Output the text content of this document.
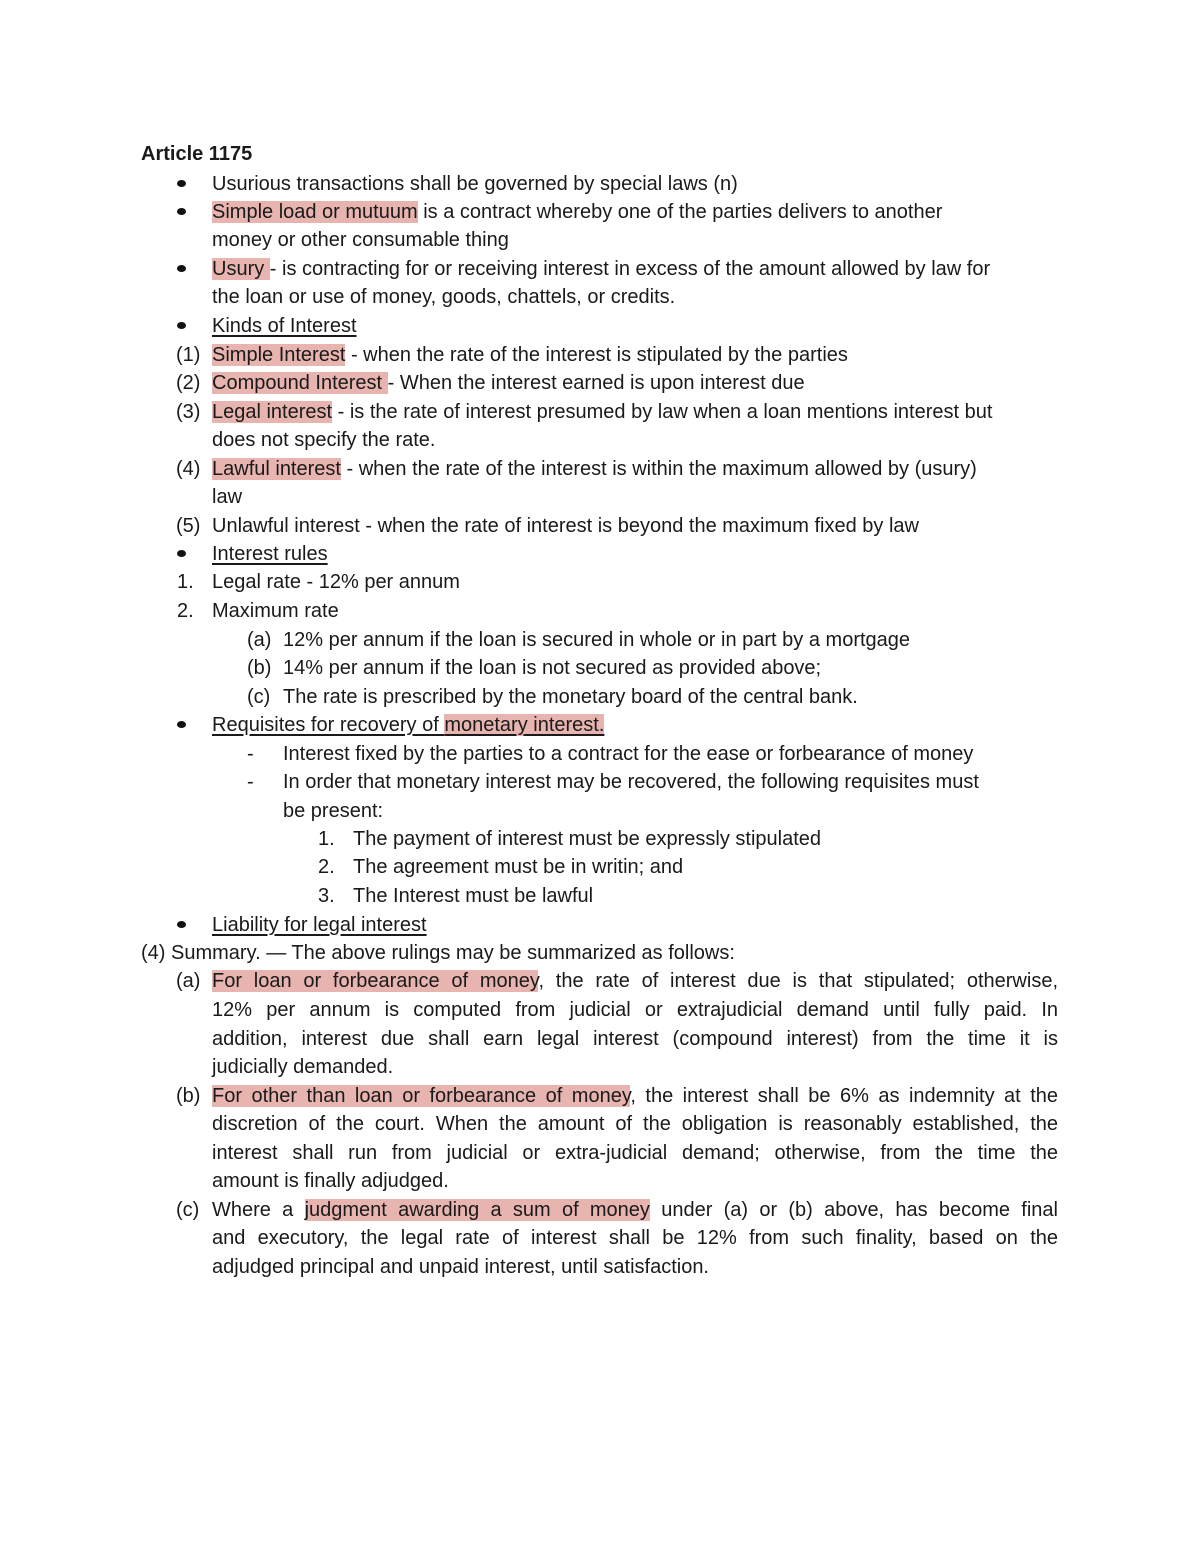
Article 1175
Usurious transactions shall be governed by special laws (n)
Simple load or mutuum is a contract whereby one of the parties delivers to another
money or other consumable thing
Usury - is contracting for or receiving interest in excess of the amount allowed by law for
the loan or use of money, goods, chattels, or credits.
Kinds of Interest
(1) Simple Interest - when the rate of the interest is stipulated by the parties
(2) Compound Interest - When the interest earned is upon interest due
(3) Legal interest - is the rate of interest presumed by law when a loan mentions interest but
does not specify the rate.
(4) Lawful interest - when the rate of the interest is within the maximum allowed by (usury)
law
(5) Unlawful interest - when the rate of interest is beyond the maximum fixed by law
Interest rules
1. Legal rate - 12% per annum
2. Maximum rate
(a) 12% per annum if the loan is secured in whole or in part by a mortgage
(b) 14% per annum if the loan is not secured as provided above;
(c) The rate is prescribed by the monetary board of the central bank.
Requisites for recovery of monetary interest.
- Interest fixed by the parties to a contract for the ease or forbearance of money
- In order that monetary interest may be recovered, the following requisites must
be present:
1. The payment of interest must be expressly stipulated
2. The agreement must be in writin; and
3. The Interest must be lawful
Liability for legal interest
(4) Summary. — The above rulings may be summarized as follows:
(a) For loan or forbearance of money, the rate of interest due is that stipulated; otherwise,
12% per annum is computed from judicial or extrajudicial demand until fully paid. In
addition, interest due shall earn legal interest (compound interest) from the time it is
judicially demanded.
(b) For other than loan or forbearance of money, the interest shall be 6% as indemnity at the
discretion of the court. When the amount of the obligation is reasonably established, the
interest shall run from judicial or extra-judicial demand; otherwise, from the time the
amount is finally adjudged.
(c) Where a judgment awarding a sum of money under (a) or (b) above, has become final
and executory, the legal rate of interest shall be 12% from such finality, based on the
adjudged principal and unpaid interest, until satisfaction.
